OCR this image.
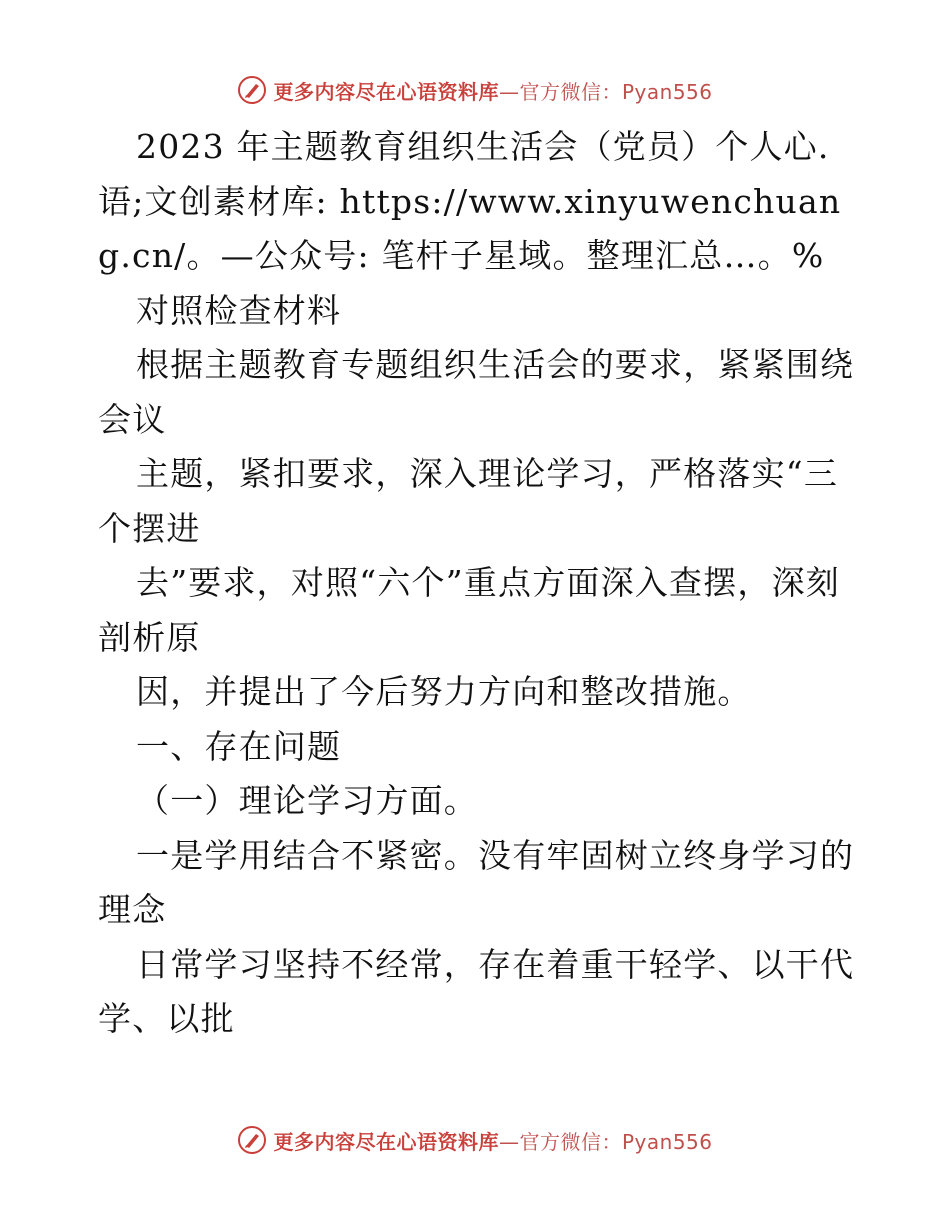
更多内容尽在心语资料库—官方微信：Pyan556

2023 年主题教育组织生活会（党员）个人心.语;文创素材库: https://www.xinyuwenchuang.cn/。—公众号: 笔杆子星域。整理汇总…。%

对照检查材料

根据主题教育专题组织生活会的要求，紧紧围绕会议

主题，紧扣要求，深入理论学习，严格落实“三个摆进

去”要求，对照“六个”重点方面深入查摆，深刻剖析原

因，并提出了今后努力方向和整改措施。

一、存在问题

（一）理论学习方面。

一是学用结合不紧密。没有牢固树立终身学习的理念

日常学习坚持不经常，存在着重干轻学、以干代学、以批

更多内容尽在心语资料库—官方微信：Pyan556
